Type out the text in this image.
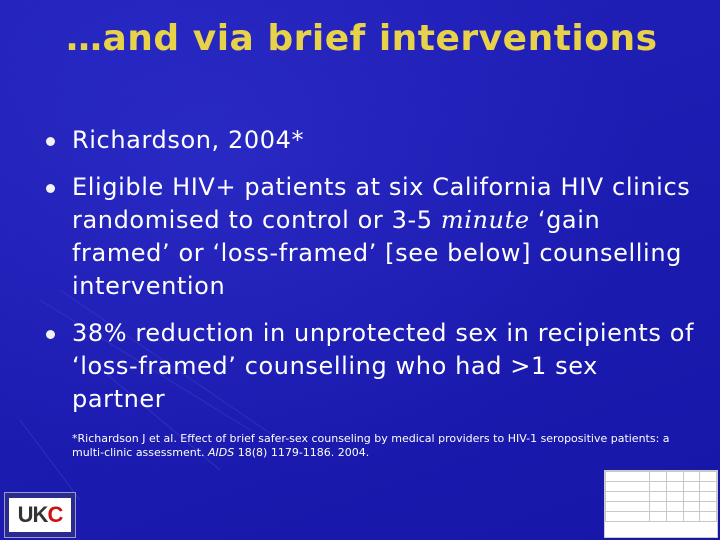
…and via brief interventions
Richardson, 2004*
Eligible HIV+ patients at six California HIV clinics randomised to control or 3-5 minute ‘gain framed’ or ‘loss-framed’ [see below] counselling intervention
38% reduction in unprotected sex in recipients of ‘loss-framed’ counselling who had >1 sex partner
*Richardson J et al. Effect of brief safer-sex counseling by medical providers to HIV-1 seropositive patients: a multi-clinic assessment. AIDS 18(8) 1179-1186. 2004.
UKC
